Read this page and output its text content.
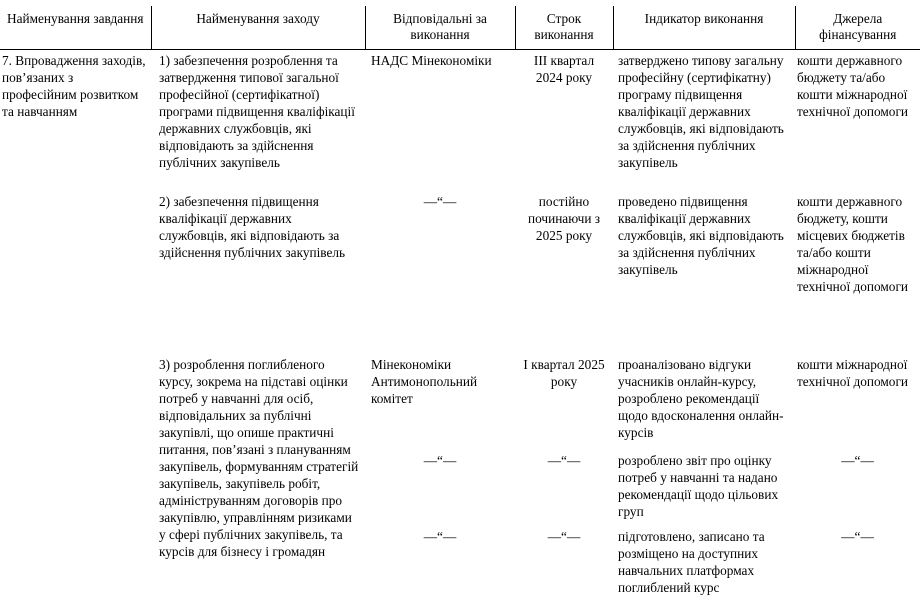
Найменування завдання	Найменування заходу	Відповідальні за виконання	Строк виконання	Індикатор виконання	Джерела фінансування
7. Впровадження заходів, пов’язаних з професійним розвитком та навчанням	1) забезпечення розроблення та затвердження типової загальної професійної (сертифікатної) програми підвищення кваліфікації державних службовців, які відповідають за здійснення публічних закупівель	НАДС Мінекономіки	III квартал 2024 року	затверджено типову загальну професійну (сертифікатну) програму підвищення кваліфікації державних службовців, які відповідають за здійснення публічних закупівель	кошти державного бюджету та/або кошти міжнародної технічної допомоги
	2) забезпечення підвищення кваліфікації державних службовців, які відповідають за здійснення публічних закупівель	—“—	постійно починаючи з 2025 року	проведено підвищення кваліфікації державних службовців, які відповідають за здійснення публічних закупівель	кошти державного бюджету, кошти місцевих бюджетів та/або кошти міжнародної технічної допомоги
	3) розроблення поглибленого курсу, зокрема на підставі оцінки потреб у навчанні для осіб, відповідальних за публічні закупівлі, що опише практичні питання, пов’язані з плануванням закупівель, формуванням стратегій закупівель, закупівель робіт, адмініструванням договорів про закупівлю, управлінням ризиками у сфері публічних закупівель, та курсів для бізнесу і громадян	Мінекономіки Антимонопольний комітет	I квартал 2025 року	проаналізовано відгуки учасників онлайн-курсу, розроблено рекомендації щодо вдосконалення онлайн-курсів	кошти міжнародної технічної допомоги

		—“—	—“—	розроблено звіт про оцінку потреб у навчанні та надано рекомендації щодо цільових груп	—“—

		—“—	—“—	підготовлено, записано та розміщено на доступних навчальних платформах поглиблений курс	—“—
